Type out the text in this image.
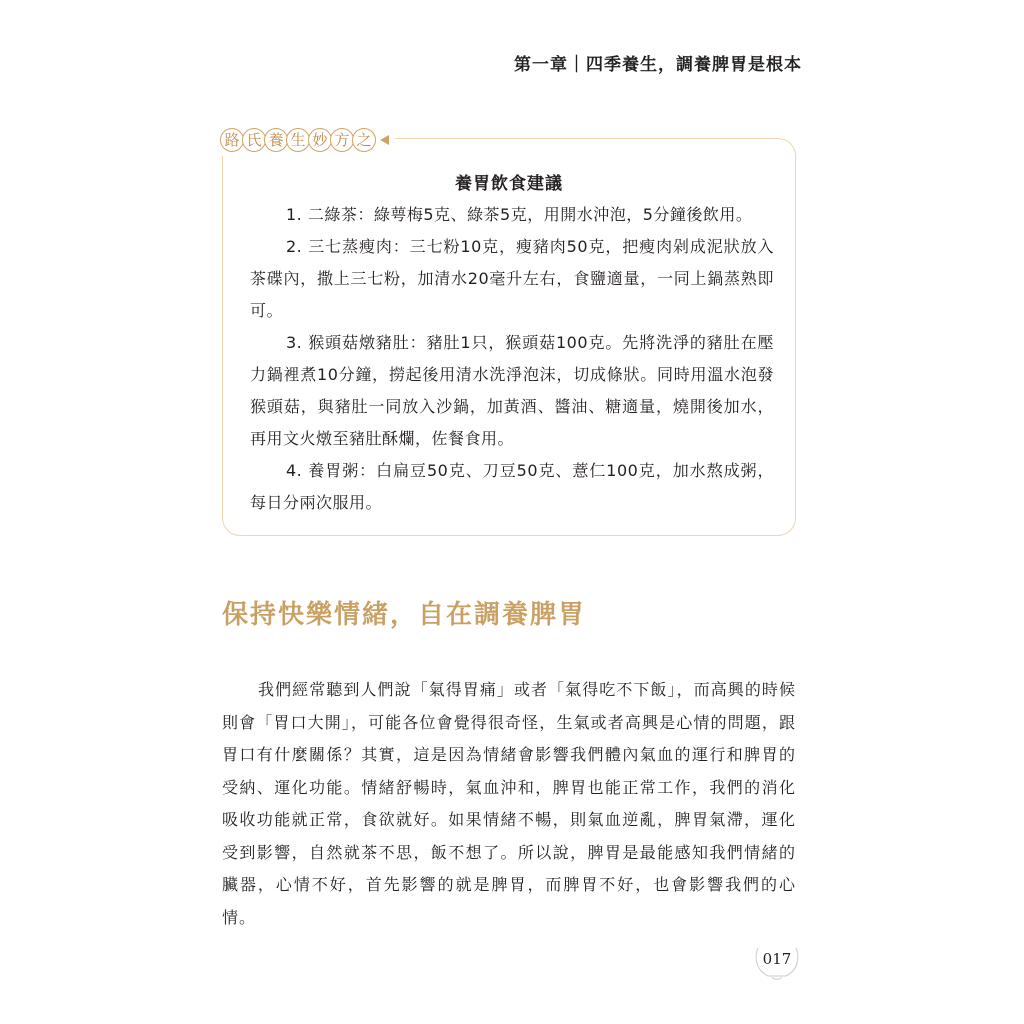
第一章｜四季養生，調養脾胃是根本
路 氏 養 生 妙 方 之
養胃飲食建議

1. 二綠茶：綠萼梅5克、綠茶5克，用開水沖泡，5分鐘後飲用。

2. 三七蒸瘦肉：三七粉10克，瘦豬肉50克，把瘦肉剁成泥狀放入茶碟內，撒上三七粉，加清水20毫升左右，食鹽適量，一同上鍋蒸熟即可。

3. 猴頭菇燉豬肚：豬肚1只，猴頭菇100克。先將洗淨的豬肚在壓力鍋裡煮10分鐘，撈起後用清水洗淨泡沫，切成條狀。同時用溫水泡發猴頭菇，與豬肚一同放入沙鍋，加黃酒、醬油、糖適量，燒開後加水，再用文火燉至豬肚酥爛，佐餐食用。

4. 養胃粥：白扁豆50克、刀豆50克、薏仁100克，加水熬成粥，每日分兩次服用。

保持快樂情緒，自在調養脾胃

我們經常聽到人們說「氣得胃痛」或者「氣得吃不下飯」，而高興的時候則會「胃口大開」，可能各位會覺得很奇怪，生氣或者高興是心情的問題，跟胃口有什麼關係？其實，這是因為情緒會影響我們體內氣血的運行和脾胃的受納、運化功能。情緒舒暢時，氣血沖和，脾胃也能正常工作，我們的消化吸收功能就正常，食欲就好。如果情緒不暢，則氣血逆亂，脾胃氣滯，運化受到影響，自然就茶不思，飯不想了。所以說，脾胃是最能感知我們情緒的臟器，心情不好，首先影響的就是脾胃，而脾胃不好，也會影響我們的心情。

017
